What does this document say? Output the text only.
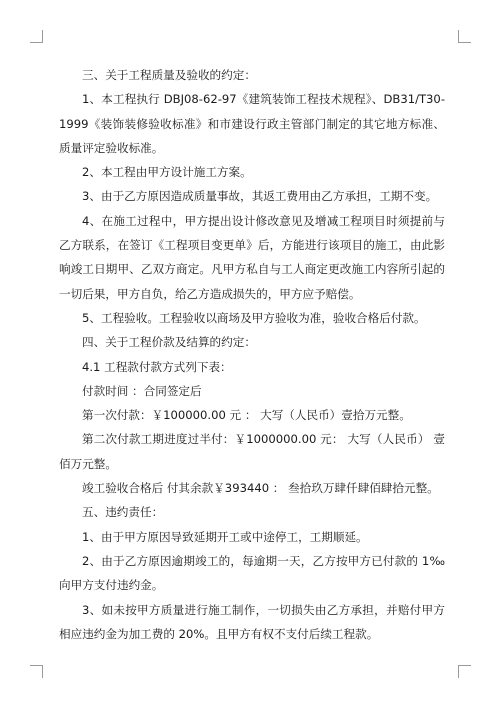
三、关于工程质量及验收的约定：

1、本工程执行 DBJ08-62-97《建筑装饰工程技术规程》、DB31/T30-1999《装饰装修验收标准》和市建设行政主管部门制定的其它地方标准、质量评定验收标准。

2、本工程由甲方设计施工方案。

3、由于乙方原因造成质量事故，其返工费用由乙方承担，工期不变。

4、在施工过程中，甲方提出设计修改意见及增减工程项目时须提前与乙方联系，在签订《工程项目变更单》后，方能进行该项目的施工，由此影响竣工日期甲、乙双方商定。凡甲方私自与工人商定更改施工内容所引起的一切后果，甲方自负，给乙方造成损失的，甲方应予赔偿。

5、工程验收。工程验收以商场及甲方验收为准，验收合格后付款。

四、关于工程价款及结算的约定：

4.1 工程款付款方式列下表：

付款时间 ：合同签定后

第一次付款：￥100000.00 元 ： 大写（人民币）壹拾万元整。

第二次付款工期进度过半付：￥1000000.00 元： 大写（人民币） 壹佰万元整。

竣工验收合格后 付其余款￥393440 ： 叁拾玖万肆仟肆佰肆拾元整。

五、违约责任：

1、由于甲方原因导致延期开工或中途停工，工期顺延。

2、由于乙方原因逾期竣工的，每逾期一天，乙方按甲方已付款的 1‰向甲方支付违约金。

3、如未按甲方质量进行施工制作，一切损失由乙方承担，并赔付甲方相应违约金为加工费的 20%。且甲方有权不支付后续工程款。
